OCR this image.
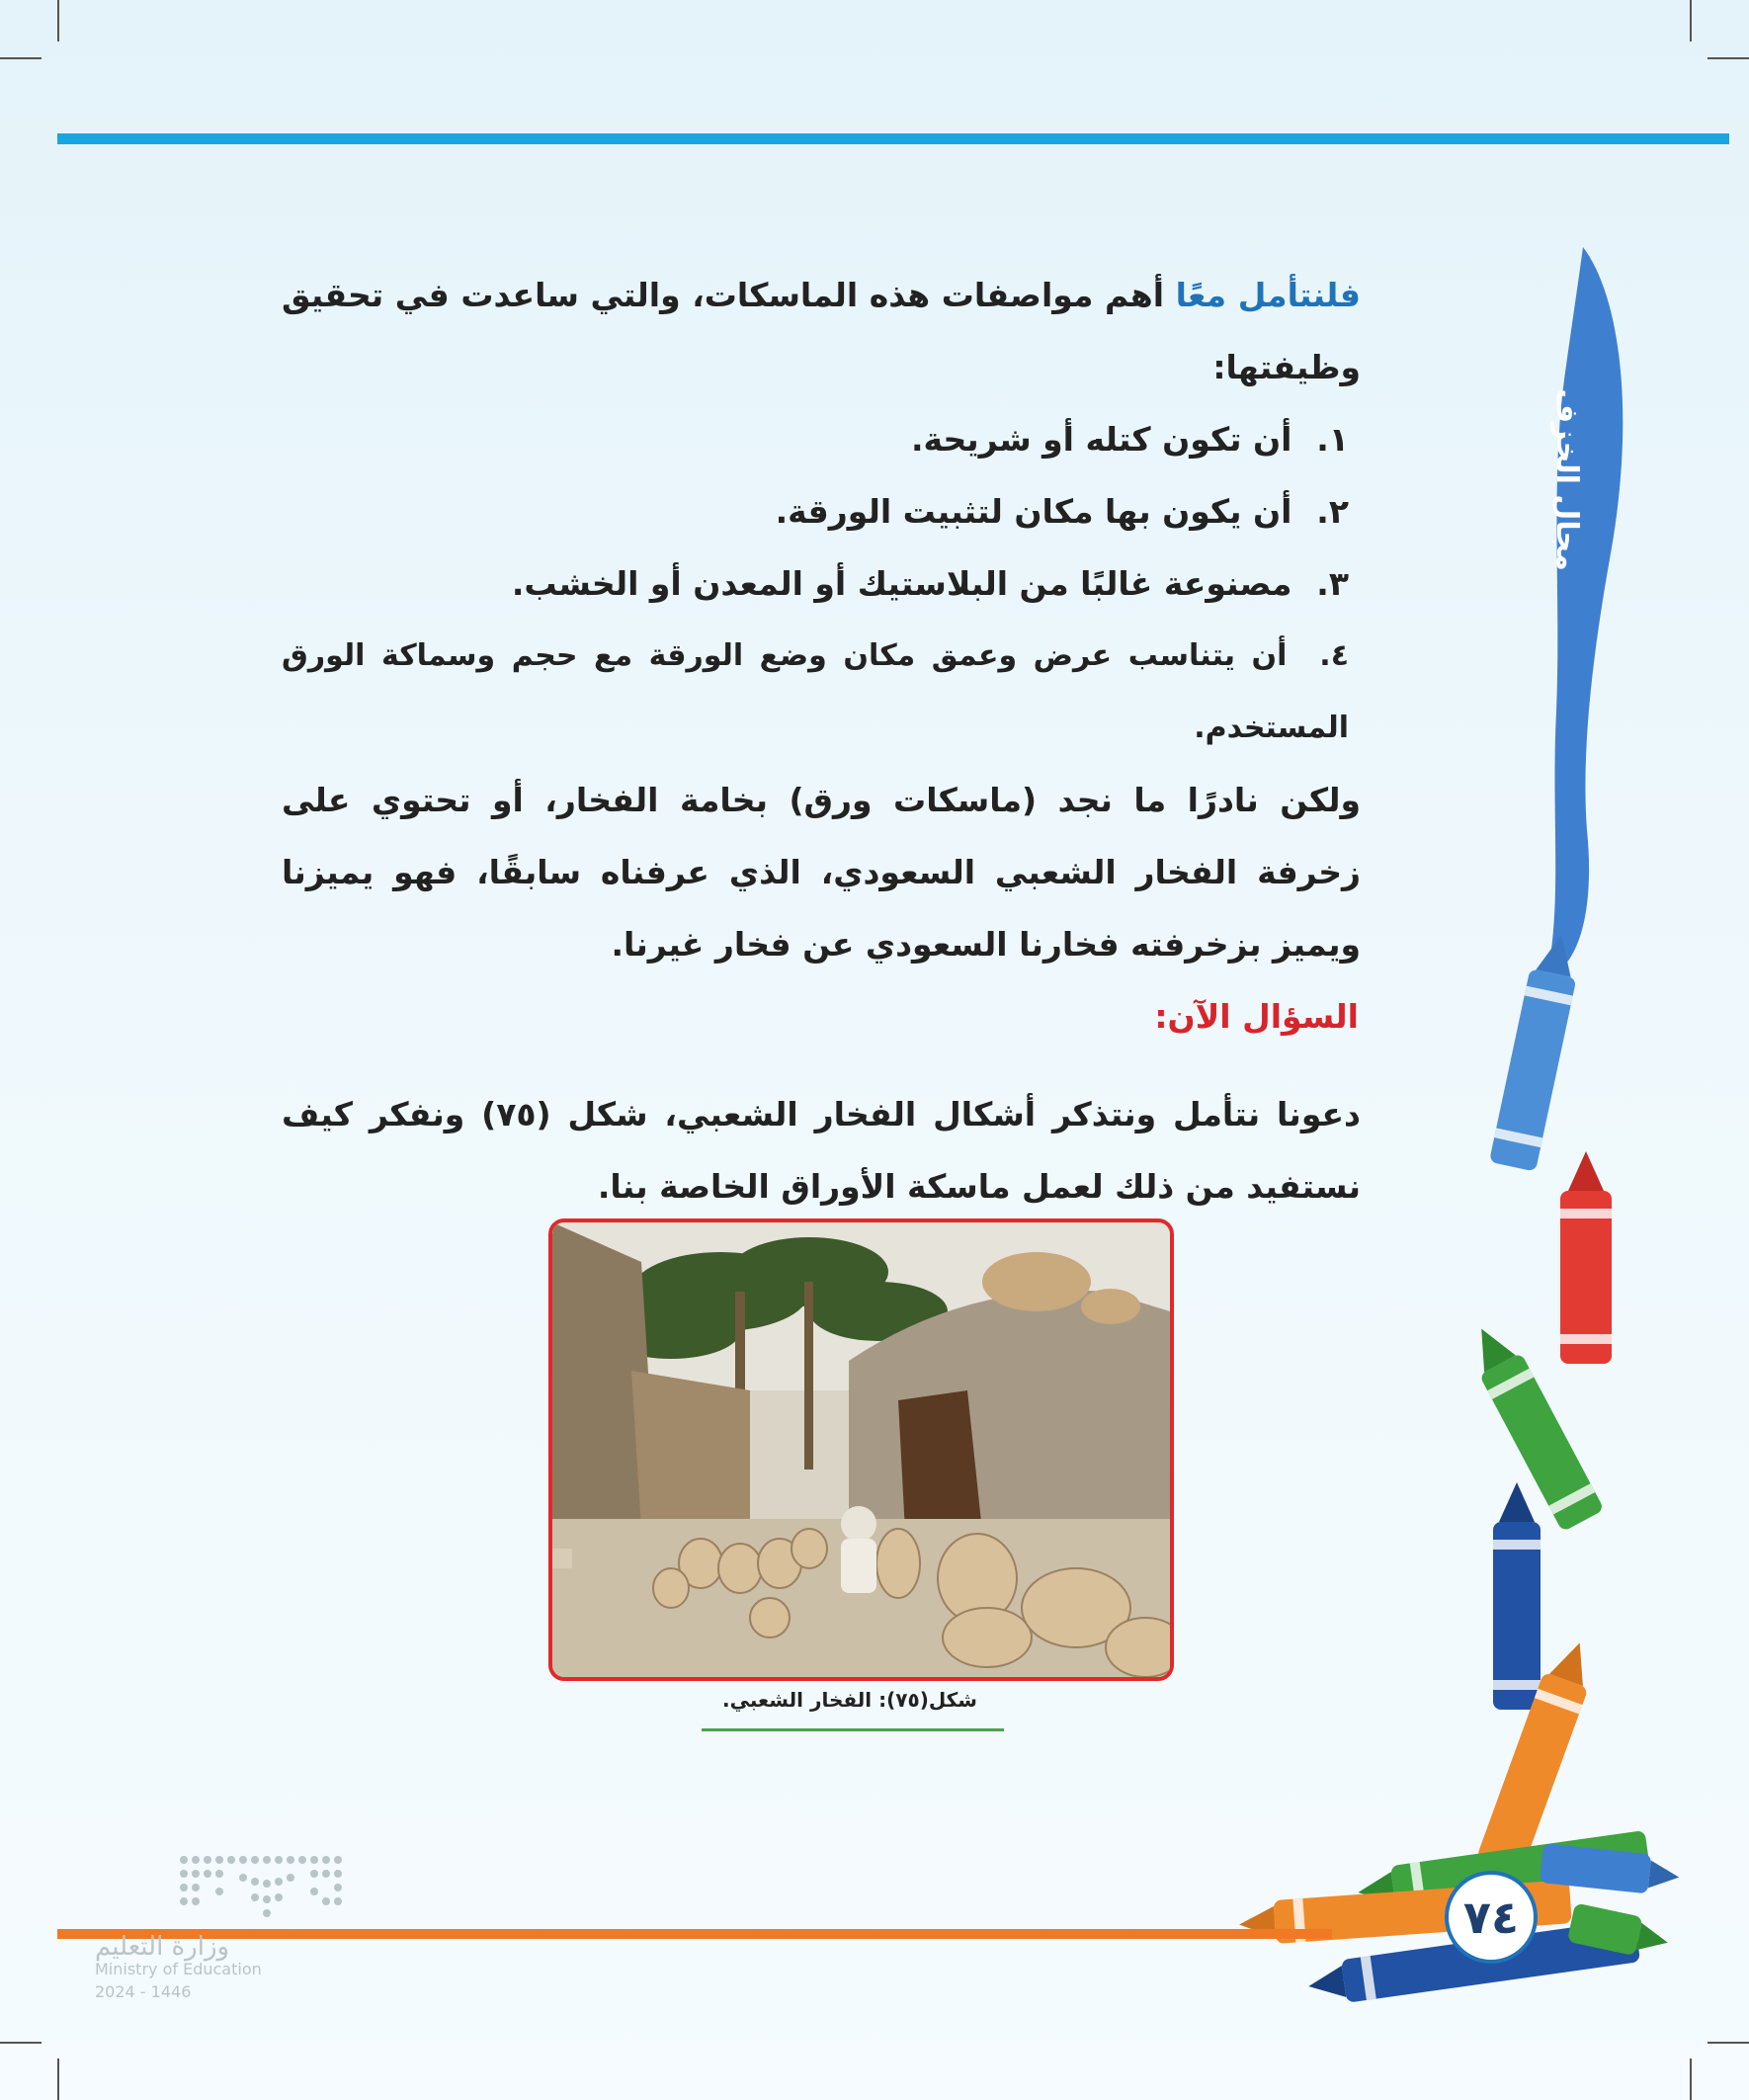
مجال الخزف

فلنتأمل معًا أهم مواصفات هذه الماسكات، والتي ساعدت في تحقيق وظيفتها:

١. أن تكون كتله أو شريحة.

٢. أن يكون بها مكان لتثبيت الورقة.

٣. مصنوعة غالبًا من البلاستيك أو المعدن أو الخشب.

٤. أن يتناسب عرض وعمق مكان وضع الورقة مع حجم وسماكة الورق المستخدم.

ولكن نادرًا ما نجد (ماسكات ورق) بخامة الفخار، أو تحتوي على زخرفة الفخار الشعبي السعودي، الذي عرفناه سابقًا، فهو يميزنا ويميز بزخرفته فخارنا السعودي عن فخار غيرنا.

السؤال الآن:

دعونا نتأمل ونتذكر أشكال الفخار الشعبي، شكل (٧٥) ونفكر كيف نستفيد من ذلك لعمل ماسكة الأوراق الخاصة بنا.

شكل(٧٥): الفخار الشعبي.
٧٤
وزارة التعليم
Ministry of Education
2024 - 1446
